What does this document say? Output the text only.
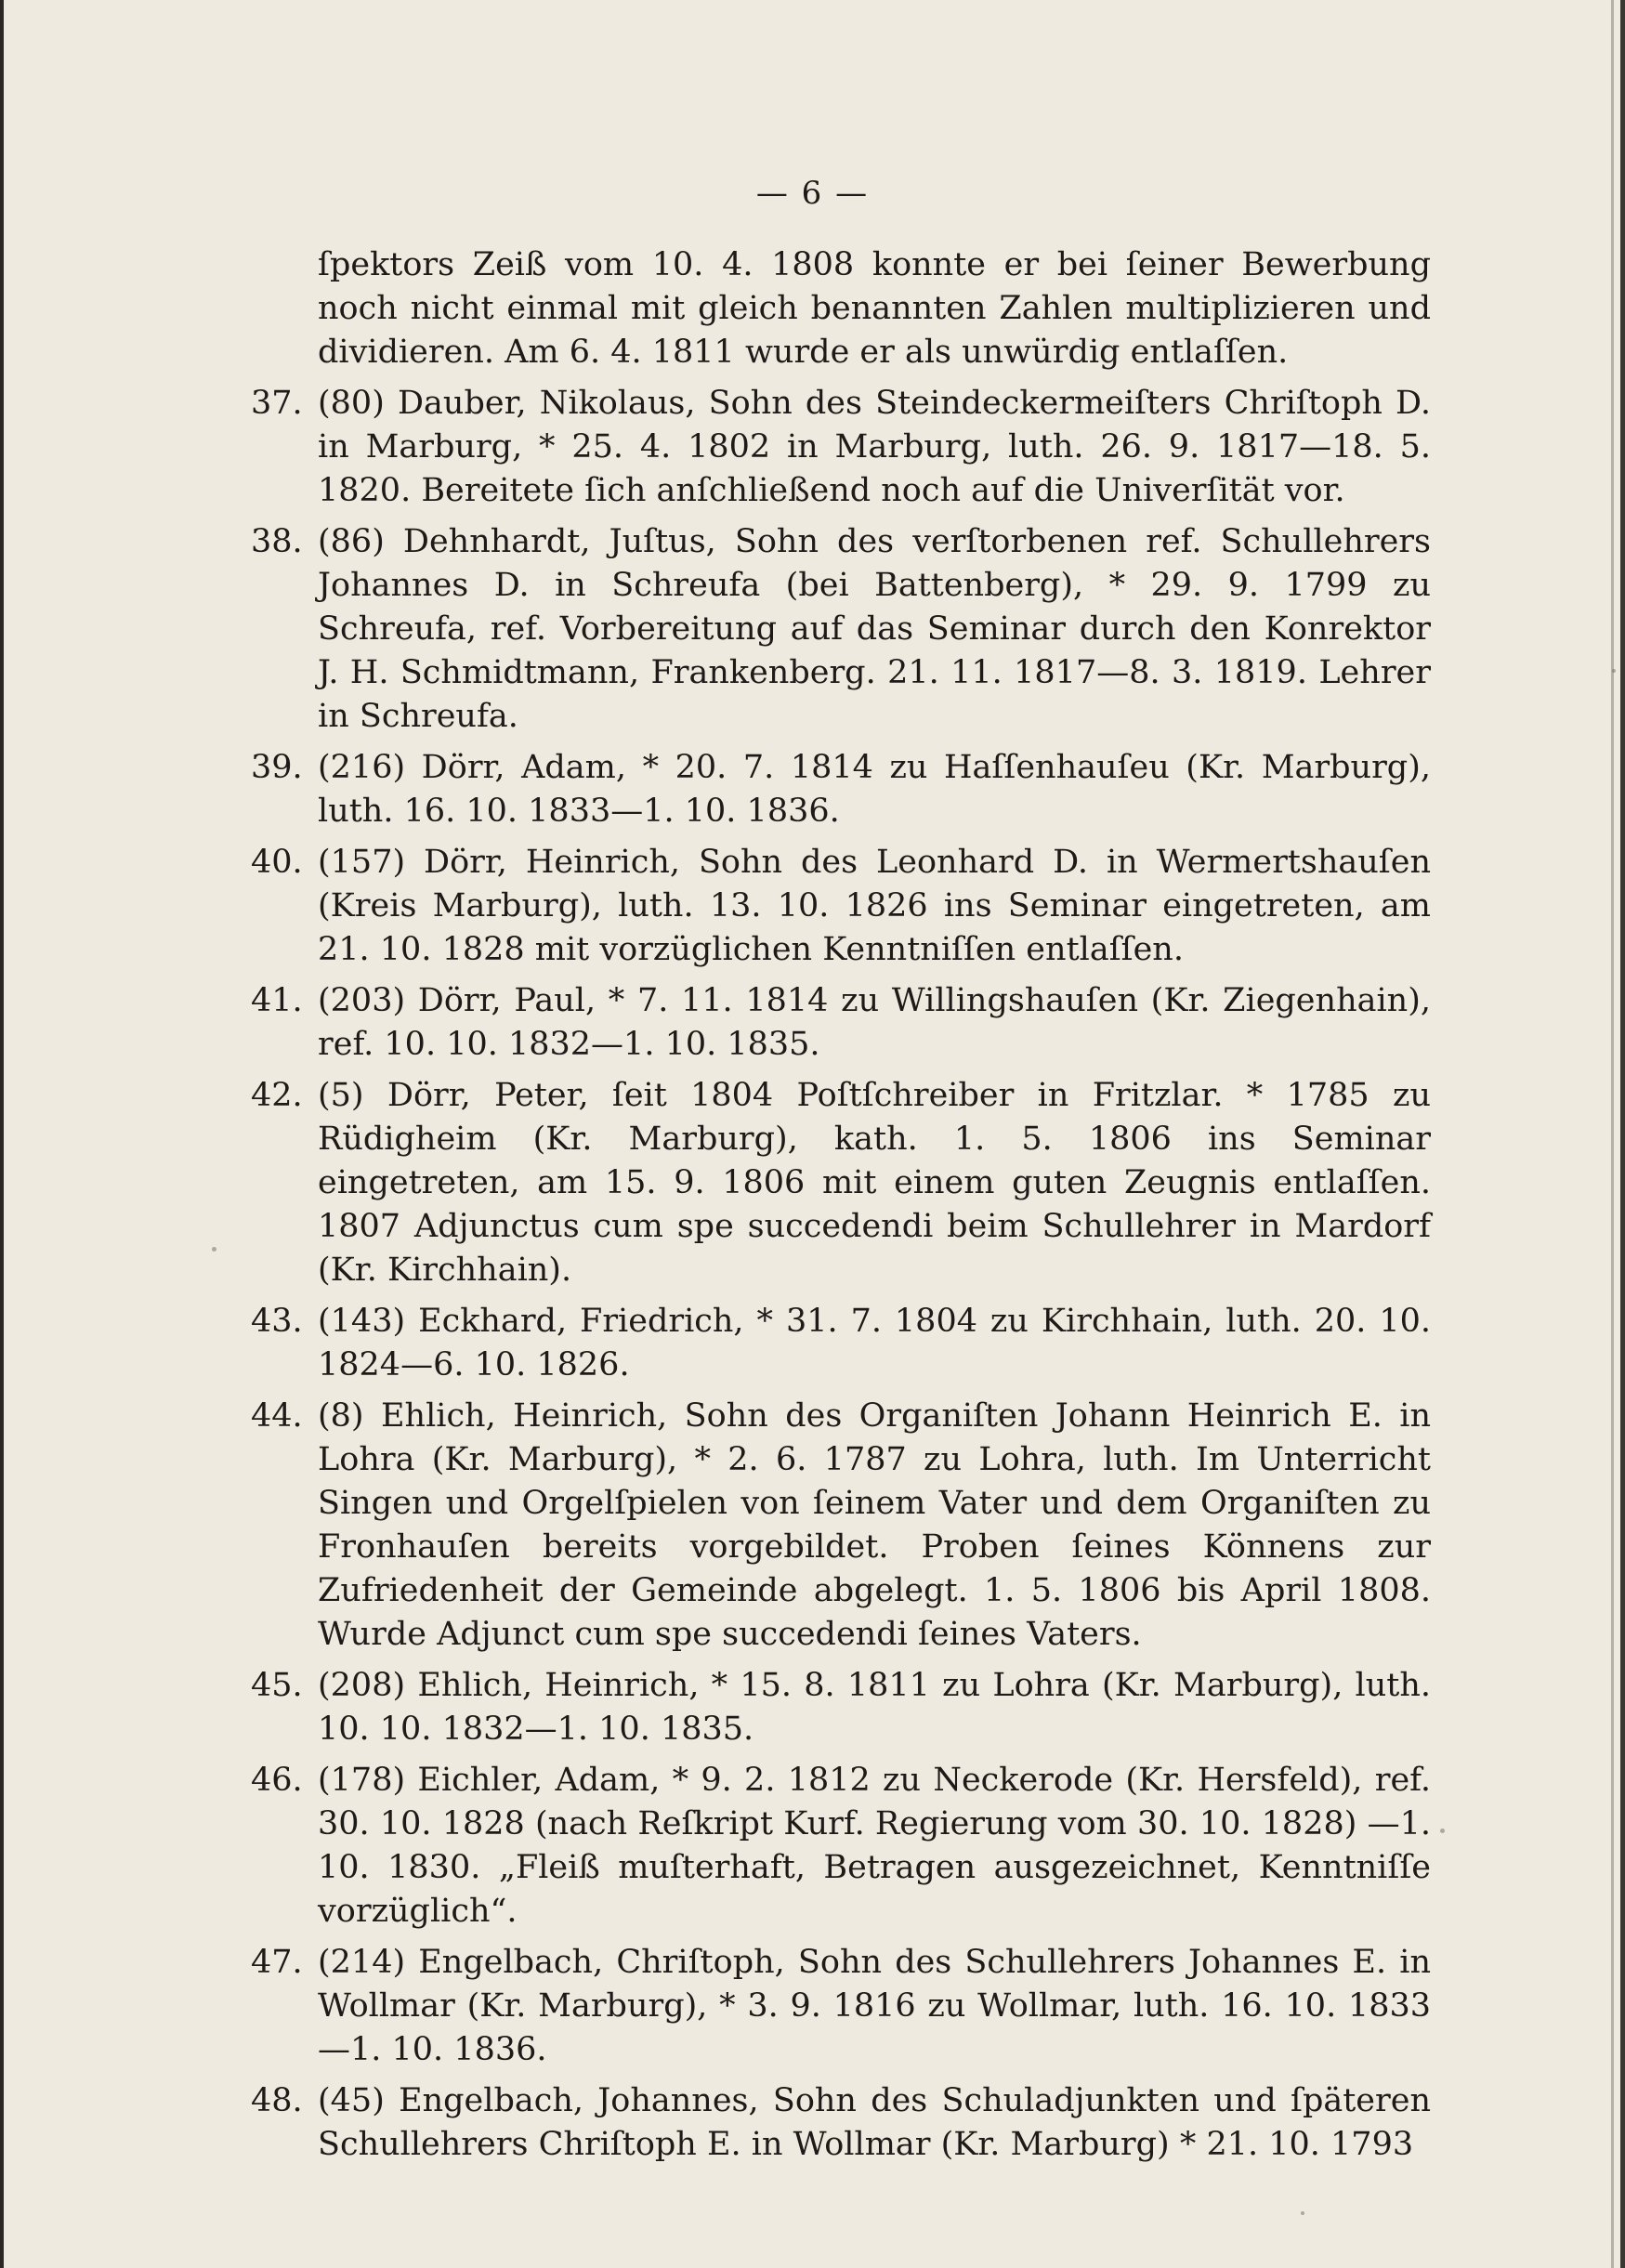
— 6 —
ſpektors Zeiß vom 10. 4. 1808 konnte er bei ſeiner Bewerbung noch nicht einmal mit gleich benannten Zahlen multiplizieren und dividieren. Am 6. 4. 1811 wurde er als unwürdig entlaſſen.
37. (80) Dauber, Nikolaus, Sohn des Steindeckermeiſters Chriſtoph D. in Marburg, * 25. 4. 1802 in Marburg, luth. 26. 9. 1817—18. 5. 1820. Bereitete ſich anſchließend noch auf die Univerſität vor.
38. (86) Dehnhardt, Juſtus, Sohn des verſtorbenen ref. Schullehrers Johannes D. in Schreufa (bei Battenberg), * 29. 9. 1799 zu Schreufa, ref. Vorbereitung auf das Seminar durch den Konrektor J. H. Schmidtmann, Frankenberg. 21. 11. 1817—8. 3. 1819. Lehrer in Schreufa.
39. (216) Dörr, Adam, * 20. 7. 1814 zu Haſſenhauſeu (Kr. Marburg), luth. 16. 10. 1833—1. 10. 1836.
40. (157) Dörr, Heinrich, Sohn des Leonhard D. in Wermertshauſen (Kreis Marburg), luth. 13. 10. 1826 ins Seminar eingetreten, am 21. 10. 1828 mit vorzüglichen Kenntniſſen entlaſſen.
41. (203) Dörr, Paul, * 7. 11. 1814 zu Willingshauſen (Kr. Ziegenhain), ref. 10. 10. 1832—1. 10. 1835.
42. (5) Dörr, Peter, ſeit 1804 Poſtſchreiber in Fritzlar. * 1785 zu Rüdigheim (Kr. Marburg), kath. 1. 5. 1806 ins Seminar eingetreten, am 15. 9. 1806 mit einem guten Zeugnis entlaſſen. 1807 Adjunctus cum spe succedendi beim Schullehrer in Mardorf (Kr. Kirchhain).
43. (143) Eckhard, Friedrich, * 31. 7. 1804 zu Kirchhain, luth. 20. 10. 1824—6. 10. 1826.
44. (8) Ehlich, Heinrich, Sohn des Organiſten Johann Heinrich E. in Lohra (Kr. Marburg), * 2. 6. 1787 zu Lohra, luth. Im Unterricht Singen und Orgelſpielen von ſeinem Vater und dem Organiſten zu Fronhauſen bereits vorgebildet. Proben ſeines Könnens zur Zufriedenheit der Gemeinde abgelegt. 1. 5. 1806 bis April 1808. Wurde Adjunct cum spe succedendi ſeines Vaters.
45. (208) Ehlich, Heinrich, * 15. 8. 1811 zu Lohra (Kr. Marburg), luth. 10. 10. 1832—1. 10. 1835.
46. (178) Eichler, Adam, * 9. 2. 1812 zu Neckerode (Kr. Hersfeld), ref. 30. 10. 1828 (nach Reſkript Kurf. Regierung vom 30. 10. 1828) —1. 10. 1830. „Fleiß muſterhaft, Betragen ausgezeichnet, Kenntniſſe vorzüglich“.
47. (214) Engelbach, Chriſtoph, Sohn des Schullehrers Johannes E. in Wollmar (Kr. Marburg), * 3. 9. 1816 zu Wollmar, luth. 16. 10. 1833—1. 10. 1836.
48. (45) Engelbach, Johannes, Sohn des Schuladjunkten und ſpäteren Schullehrers Chriſtoph E. in Wollmar (Kr. Marburg) * 21. 10. 1793
